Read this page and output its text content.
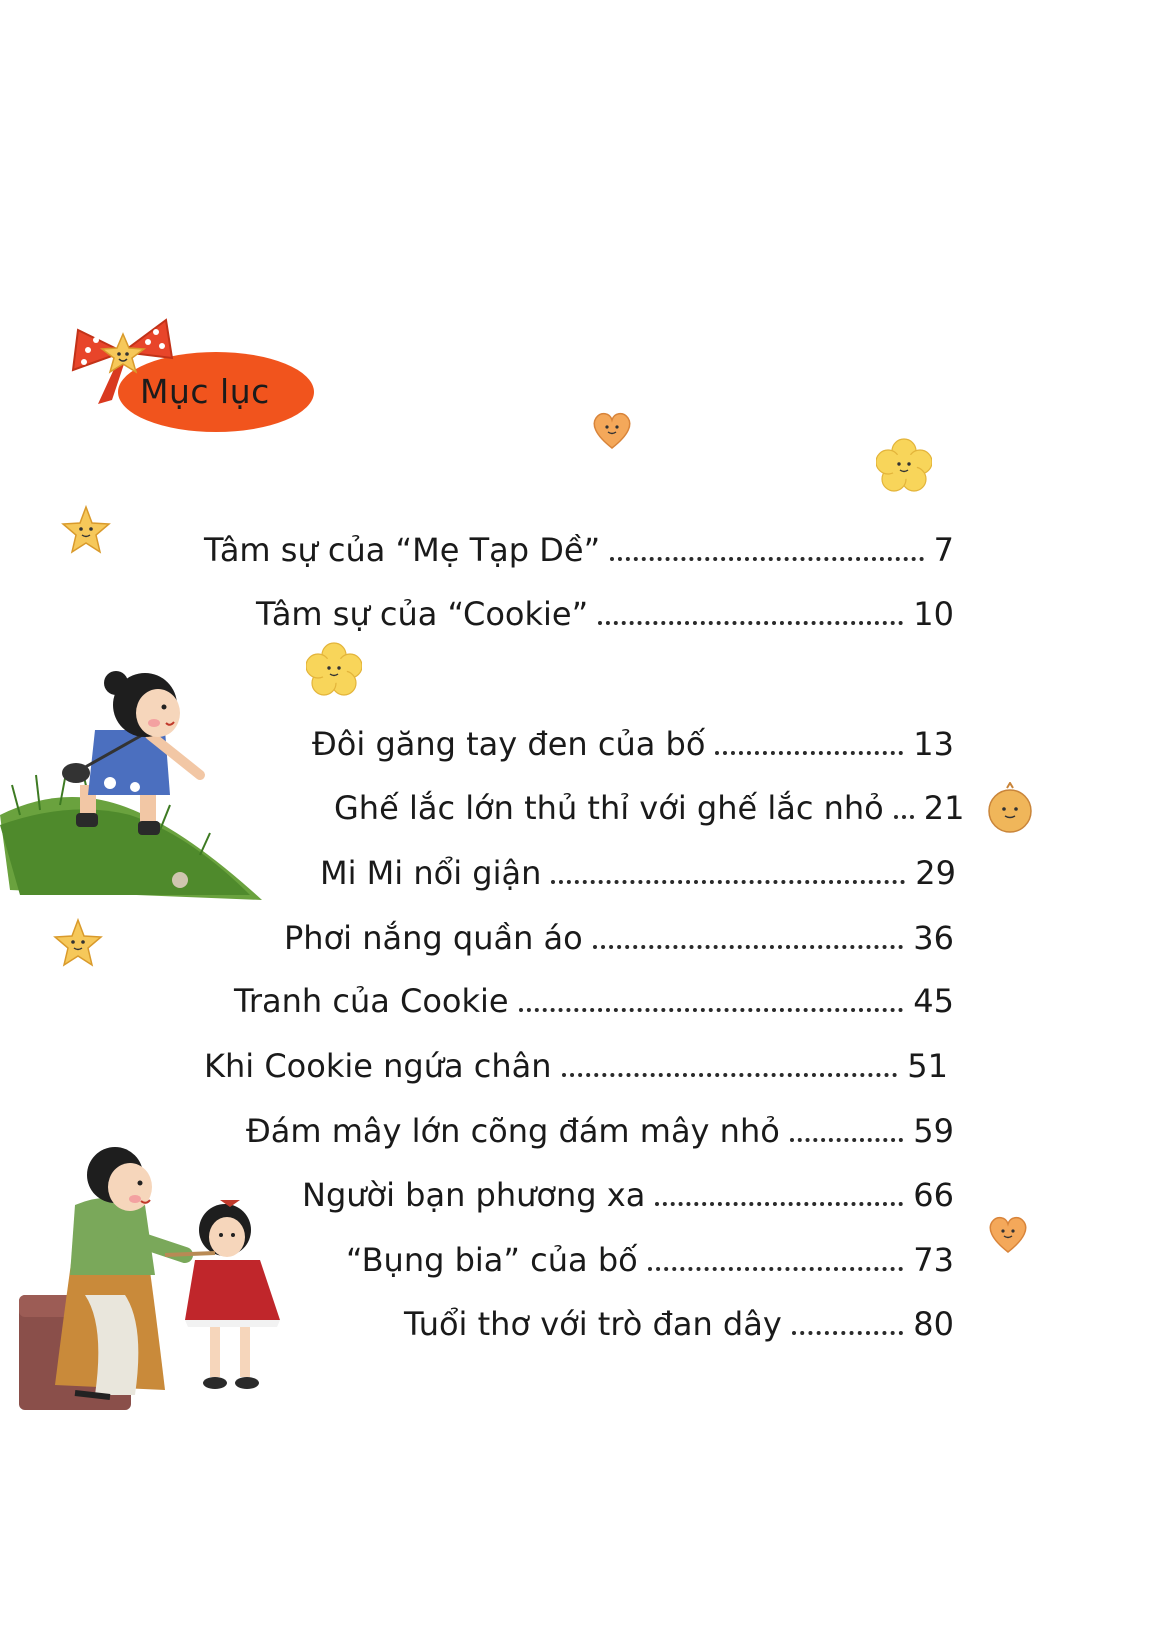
Mục lục
Tâm sự của “Mẹ Tạp Dề”	7
Tâm sự của “Cookie”	10
Đôi găng tay đen của bố	13
Ghế lắc lớn thủ thỉ với ghế lắc nhỏ	21
Mi Mi nổi giận	29
Phơi nắng quần áo	36
Tranh của Cookie	45
Khi Cookie ngứa chân	51
Đám mây lớn cõng đám mây nhỏ	59
Người bạn phương xa	66
“Bụng bia” của bố	73
Tuổi thơ với trò đan dây	80
